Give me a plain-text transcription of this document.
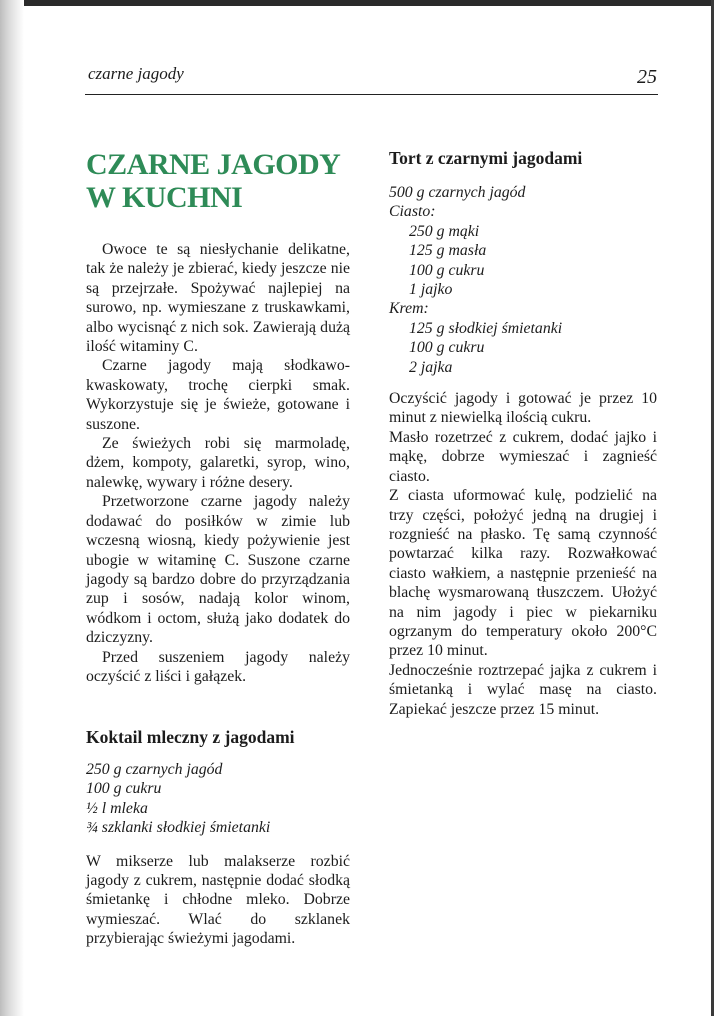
czarne jagody	25
CZARNE JAGODY
W KUCHNI

Owoce te są niesłychanie delikatne, tak że należy je zbierać, kiedy jeszcze nie są przejrzałe. Spożywać najlepiej na surowo, np. wymieszane z truskawkami, albo wycisnąć z nich sok. Zawierają dużą ilość witaminy C.

Czarne jagody mają słodkawo-kwaskowaty, trochę cierpki smak. Wykorzystuje się je świeże, gotowane i suszone.

Ze świeżych robi się marmoladę, dżem, kompoty, galaretki, syrop, wino, nalewkę, wywary i różne desery.

Przetworzone czarne jagody należy dodawać do posiłków w zimie lub wczesną wiosną, kiedy pożywienie jest ubogie w witaminę C. Suszone czarne jagody są bardzo dobre do przyrządzania zup i sosów, nadają kolor winom, wódkom i octom, służą jako dodatek do dziczyzny.

Przed suszeniem jagody należy oczyścić z liści i gałązek.

Koktail mleczny z jagodami

250 g czarnych jagód

100 g cukru

½ l mleka

¾ szklanki słodkiej śmietanki

W mikserze lub malakserze rozbić jagody z cukrem, następnie dodać słodką śmietankę i chłodne mleko. Dobrze wymieszać. Wlać do szklanek przybierając świeżymi jagodami.

Tort z czarnymi jagodami

500 g czarnych jagód

Ciasto:

250 g mąki

125 g masła

100 g cukru

1 jajko

Krem:

125 g słodkiej śmietanki

100 g cukru

2 jajka

Oczyścić jagody i gotować je przez 10 minut z niewielką ilością cukru.

Masło rozetrzeć z cukrem, dodać jajko i mąkę, dobrze wymieszać i zagnieść ciasto.

Z ciasta uformować kulę, podzielić na trzy części, położyć jedną na drugiej i rozgnieść na płasko. Tę samą czynność powtarzać kilka razy. Rozwałkować ciasto wałkiem, a następnie przenieść na blachę wysmarowaną tłuszczem. Ułożyć na nim jagody i piec w piekarniku ogrzanym do temperatury około 200°C przez 10 minut.

Jednocześnie roztrzepać jajka z cukrem i śmietanką i wylać masę na ciasto. Zapiekać jeszcze przez 15 minut.
